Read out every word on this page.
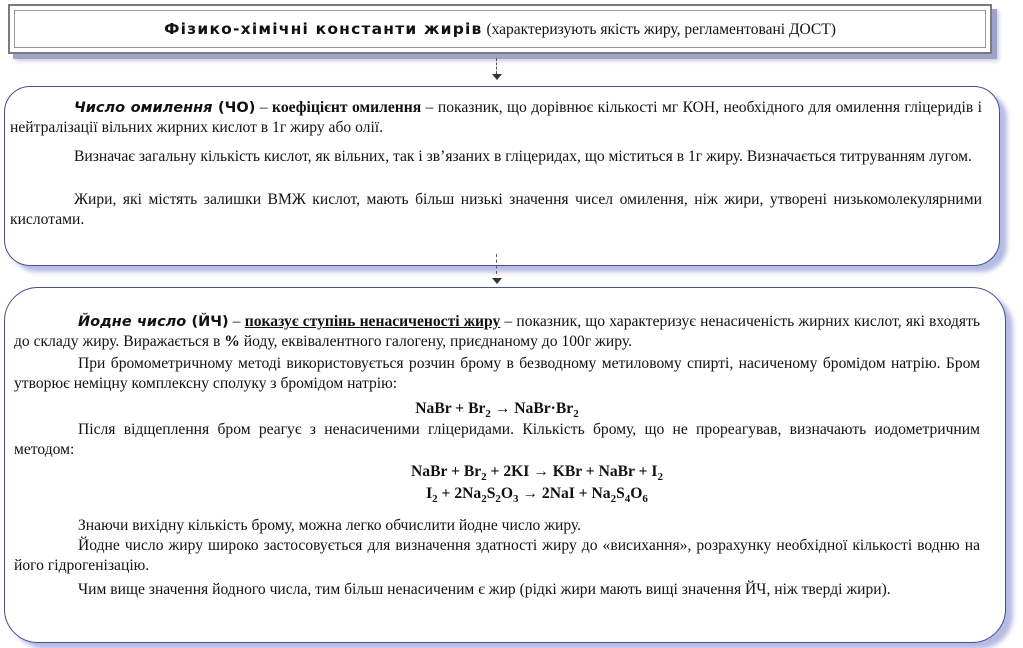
Фізико-хімічні константи жирів (характеризують якість жиру, регламентовані ДОСТ)
Число омилення (ЧО) – коефіцієнт омилення – показник, що дорівнює кількості мг КОН, необхідного для омилення гліцеридів і нейтралізації вільних жирних кислот в 1г жиру або олії.
Визначає загальну кількість кислот, як вільних, так і зв’язаних в гліцеридах, що міститься в 1г жиру. Визначається титруванням лугом.
Жири, які містять залишки ВМЖ кислот, мають більш низькі значення чисел омилення, ніж жири, утворені низькомолекулярними кислотами.
Йодне число (ЙЧ) – показує ступінь ненасиченості жиру – показник, що характеризує ненасиченість жирних кислот, які входять до складу жиру. Виражається в % йоду, еквівалентного галогену, приєднаному до 100г жиру.
При бромометричному методі використовується розчин брому в безводному метиловому спирті, насиченому бромідом натрію. Бром утворює неміцну комплексну сполуку з бромідом натрію:
NaBr + $Br_2$ → $NaBr\cdot Br_2$
Після відщеплення бром реагує з ненасиченими гліцеридами. Кількість брому, що не прореагував, визначають иодометричним методом:
NaBr + $Br_2 + 2KI$ → KBr + NaBr + $I_2$
$I_2 + 2Na_2S_2O_3 \to 2NaI + Na_2S_4O_6$
Знаючи вихідну кількість брому, можна легко обчислити йодне число жиру.
Йодне число жиру широко застосовується для визначення здатності жиру до «висихання», розрахунку необхідної кількості водню на його гідрогенізацію.
Чим вище значення йодного числа, тим більш ненасиченим є жир (рідкі жири мають вищі значення ЙЧ, ніж тверді жири).
